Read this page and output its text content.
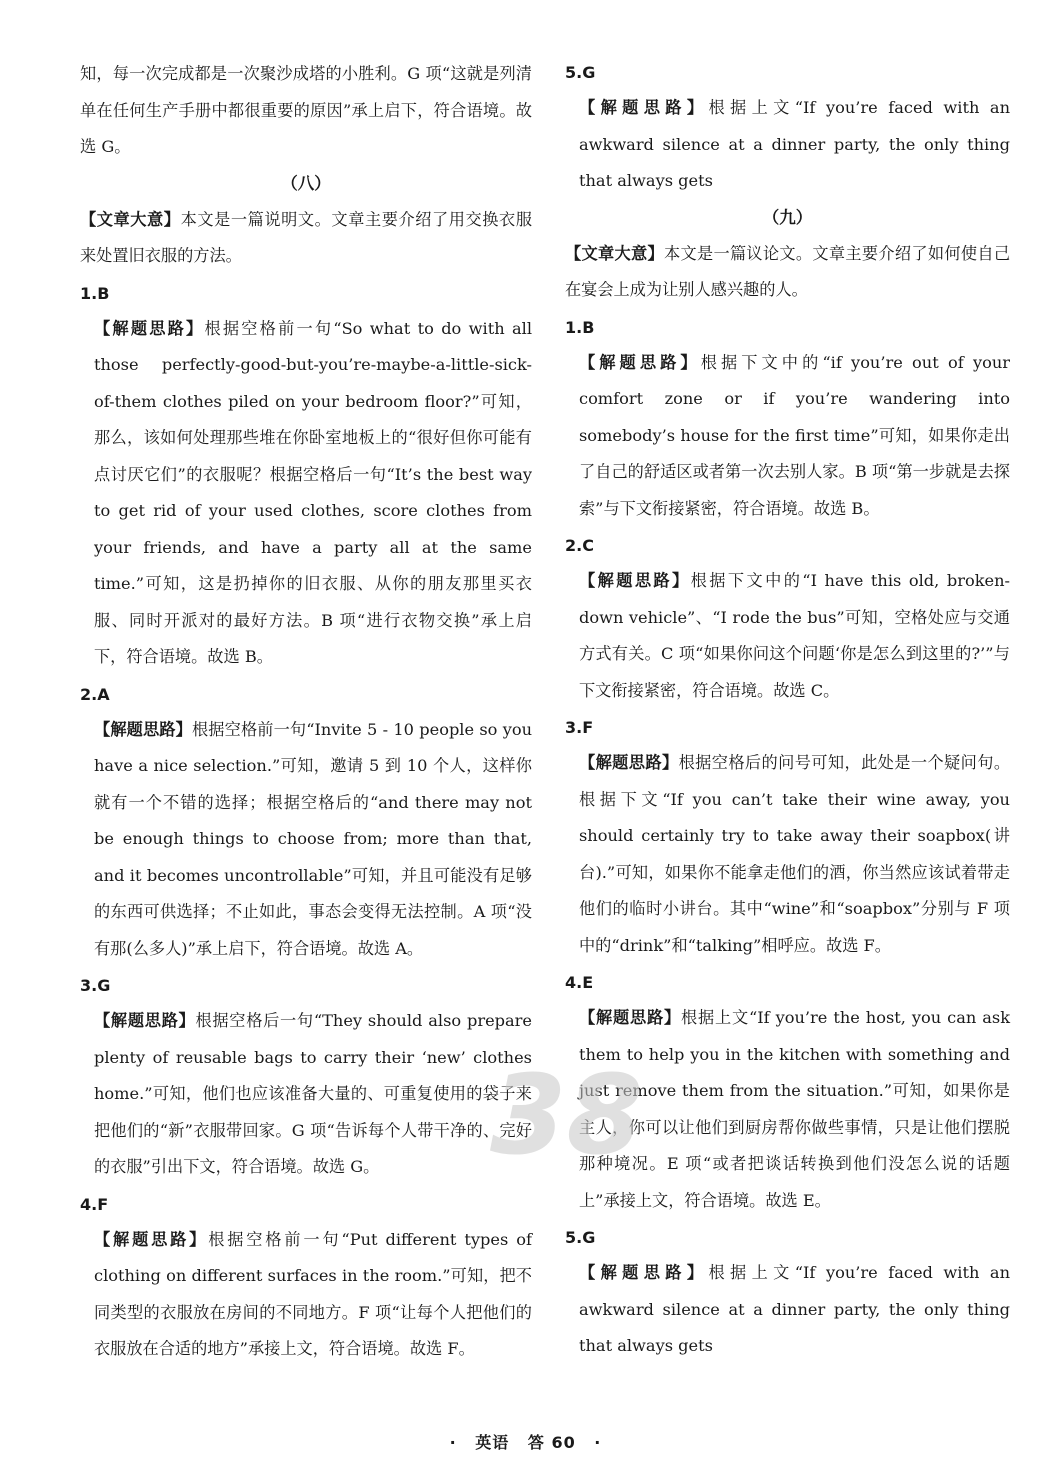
知，每一次完成都是一次聚沙成塔的小胜利。G 项“这就是列清单在任何生产手册中都很重要的原因”承上启下，符合语境。故选 G。

（八）

【文章大意】本文是一篇说明文。文章主要介绍了用交换衣服来处置旧衣服的方法。

1.B

【解题思路】根据空格前一句“So what to do with all those perfectly-good-but-you’re-maybe-a-little-sick-of-them clothes piled on your bedroom floor?”可知，那么，该如何处理那些堆在你卧室地板上的“很好但你可能有点讨厌它们”的衣服呢？根据空格后一句“It’s the best way to get rid of your used clothes, score clothes from your friends, and have a party all at the same time.”可知，这是扔掉你的旧衣服、从你的朋友那里买衣服、同时开派对的最好方法。B 项“进行衣物交换”承上启下，符合语境。故选 B。

2.A

【解题思路】根据空格前一句“Invite 5 - 10 people so you have a nice selection.”可知，邀请 5 到 10 个人，这样你就有一个不错的选择；根据空格后的“and there may not be enough things to choose from; more than that, and it becomes uncontrollable”可知，并且可能没有足够的东西可供选择；不止如此，事态会变得无法控制。A 项“没有那(么多人)”承上启下，符合语境。故选 A。

3.G

【解题思路】根据空格后一句“They should also prepare plenty of reusable bags to carry their ‘new’ clothes home.”可知，他们也应该准备大量的、可重复使用的袋子来把他们的“新”衣服带回家。G 项“告诉每个人带干净的、完好的衣服”引出下文，符合语境。故选 G。

4.F

【解题思路】根据空格前一句“Put different types of clothing on different surfaces in the room.”可知，把不同类型的衣服放在房间的不同地方。F 项“让每个人把他们的衣服放在合适的地方”承接上文，符合语境。故选 F。

5.G

【解题思路】根据上文“If you’re faced with an awkward silence at a dinner party, the only thing that always gets

（九）

【文章大意】本文是一篇议论文。文章主要介绍了如何使自己在宴会上成为让别人感兴趣的人。

1.B

【解题思路】根据下文中的“if you’re out of your comfort zone or if you’re wandering into somebody’s house for the first time”可知，如果你走出了自己的舒适区或者第一次去别人家。B 项“第一步就是去探索”与下文衔接紧密，符合语境。故选 B。

2.C

【解题思路】根据下文中的“I have this old, broken-down vehicle”、“I rode the bus”可知，空格处应与交通方式有关。C 项“如果你问这个问题‘你是怎么到这里的?’”与下文衔接紧密，符合语境。故选 C。

3.F

【解题思路】根据空格后的问号可知，此处是一个疑问句。根据下文“If you can’t take their wine away, you should certainly try to take away their soapbox(讲台).”可知，如果你不能拿走他们的酒，你当然应该试着带走他们的临时小讲台。其中“wine”和“soapbox”分别与 F 项中的“drink”和“talking”相呼应。故选 F。

4.E

【解题思路】根据上文“If you’re the host, you can ask them to help you in the kitchen with something and just remove them from the situation.”可知，如果你是主人，你可以让他们到厨房帮你做些事情，只是让他们摆脱那种境况。E 项“或者把谈话转换到他们没怎么说的话题上”承接上文，符合语境。故选 E。

5.G

【解题思路】根据上文“If you’re faced with an awkward silence at a dinner party, the only thing that always gets

38
· 英语 答 60 ·
